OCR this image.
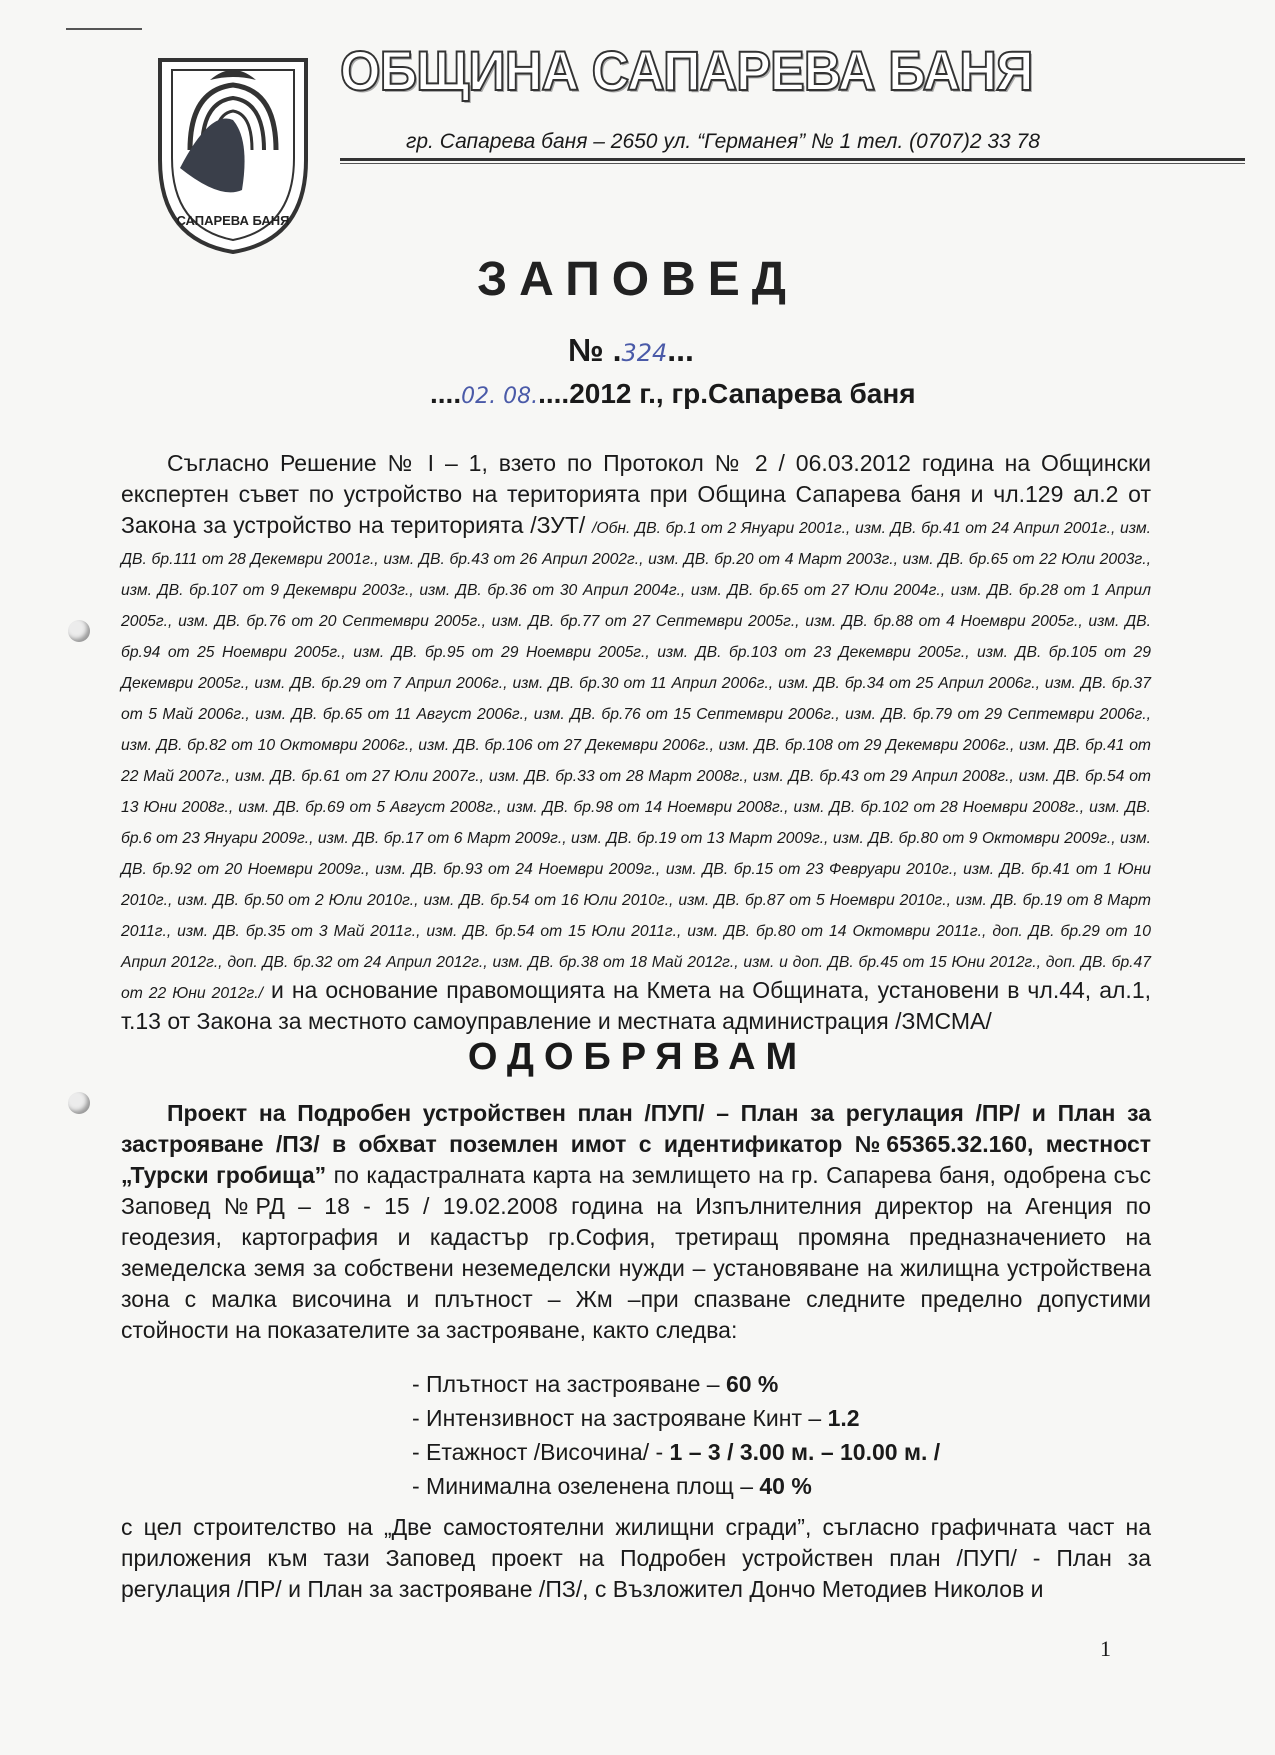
САПАРЕВА БАНЯ
ОБЩИНА САПАРЕВА БАНЯ
гр. Сапарева баня – 2650 ул. “Германея” № 1 тел. (0707)2 33 78
ЗАПОВЕД
№ .324...
....02. 08.....2012 г., гр.Сапарева баня
Съгласно Решение № I – 1, взето по Протокол № 2 / 06.03.2012 година на Общински експертен съвет по устройство на територията при Община Сапарева баня и чл.129 ал.2 от Закона за устройство на територията /ЗУТ/ /Обн. ДВ. бр.1 от 2 Януари 2001г., изм. ДВ. бр.41 от 24 Април 2001г., изм. ДВ. бр.111 от 28 Декември 2001г., изм. ДВ. бр.43 от 26 Април 2002г., изм. ДВ. бр.20 от 4 Март 2003г., изм. ДВ. бр.65 от 22 Юли 2003г., изм. ДВ. бр.107 от 9 Декември 2003г., изм. ДВ. бр.36 от 30 Април 2004г., изм. ДВ. бр.65 от 27 Юли 2004г., изм. ДВ. бр.28 от 1 Април 2005г., изм. ДВ. бр.76 от 20 Септември 2005г., изм. ДВ. бр.77 от 27 Септември 2005г., изм. ДВ. бр.88 от 4 Ноември 2005г., изм. ДВ. бр.94 от 25 Ноември 2005г., изм. ДВ. бр.95 от 29 Ноември 2005г., изм. ДВ. бр.103 от 23 Декември 2005г., изм. ДВ. бр.105 от 29 Декември 2005г., изм. ДВ. бр.29 от 7 Април 2006г., изм. ДВ. бр.30 от 11 Април 2006г., изм. ДВ. бр.34 от 25 Април 2006г., изм. ДВ. бр.37 от 5 Май 2006г., изм. ДВ. бр.65 от 11 Август 2006г., изм. ДВ. бр.76 от 15 Септември 2006г., изм. ДВ. бр.79 от 29 Септември 2006г., изм. ДВ. бр.82 от 10 Октомври 2006г., изм. ДВ. бр.106 от 27 Декември 2006г., изм. ДВ. бр.108 от 29 Декември 2006г., изм. ДВ. бр.41 от 22 Май 2007г., изм. ДВ. бр.61 от 27 Юли 2007г., изм. ДВ. бр.33 от 28 Март 2008г., изм. ДВ. бр.43 от 29 Април 2008г., изм. ДВ. бр.54 от 13 Юни 2008г., изм. ДВ. бр.69 от 5 Август 2008г., изм. ДВ. бр.98 от 14 Ноември 2008г., изм. ДВ. бр.102 от 28 Ноември 2008г., изм. ДВ. бр.6 от 23 Януари 2009г., изм. ДВ. бр.17 от 6 Март 2009г., изм. ДВ. бр.19 от 13 Март 2009г., изм. ДВ. бр.80 от 9 Октомври 2009г., изм. ДВ. бр.92 от 20 Ноември 2009г., изм. ДВ. бр.93 от 24 Ноември 2009г., изм. ДВ. бр.15 от 23 Февруари 2010г., изм. ДВ. бр.41 от 1 Юни 2010г., изм. ДВ. бр.50 от 2 Юли 2010г., изм. ДВ. бр.54 от 16 Юли 2010г., изм. ДВ. бр.87 от 5 Ноември 2010г., изм. ДВ. бр.19 от 8 Март 2011г., изм. ДВ. бр.35 от 3 Май 2011г., изм. ДВ. бр.54 от 15 Юли 2011г., изм. ДВ. бр.80 от 14 Октомври 2011г., доп. ДВ. бр.29 от 10 Април 2012г., доп. ДВ. бр.32 от 24 Април 2012г., изм. ДВ. бр.38 от 18 Май 2012г., изм. и доп. ДВ. бр.45 от 15 Юни 2012г., доп. ДВ. бр.47 от 22 Юни 2012г./ и на основание правомощията на Кмета на Общината, установени в чл.44, ал.1, т.13 от Закона за местното самоуправление и местната администрация /ЗМСМА/
ОДОБРЯВАМ
Проект на Подробен устройствен план /ПУП/ – План за регулация /ПР/ и План за застрояване /ПЗ/ в обхват поземлен имот с идентификатор №65365.32.160, местност „Турски гробища” по кадастралната карта на землището на гр. Сапарева баня, одобрена със Заповед №РД – 18 - 15 / 19.02.2008 година на Изпълнителния директор на Агенция по геодезия, картография и кадастър гр.София, третиращ промяна предназначението на земеделска земя за собствени неземеделски нужди – установяване на жилищна устройствена зона с малка височина и плътност – Жм –при спазване следните пределно допустими стойности на показателите за застрояване, както следва:
- Плътност на застрояване – 60 %
- Интензивност на застрояване Кинт – 1.2
- Етажност /Височина/ - 1 – 3 / 3.00 м. – 10.00 м. /
- Минимална озеленена площ – 40 %
с цел строителство на „Две самостоятелни жилищни сгради”, съгласно графичната част на приложения към тази Заповед проект на Подробен устройствен план /ПУП/ - План за регулация /ПР/ и План за застрояване /ПЗ/, с Възложител Дончо Методиев Николов и
1
